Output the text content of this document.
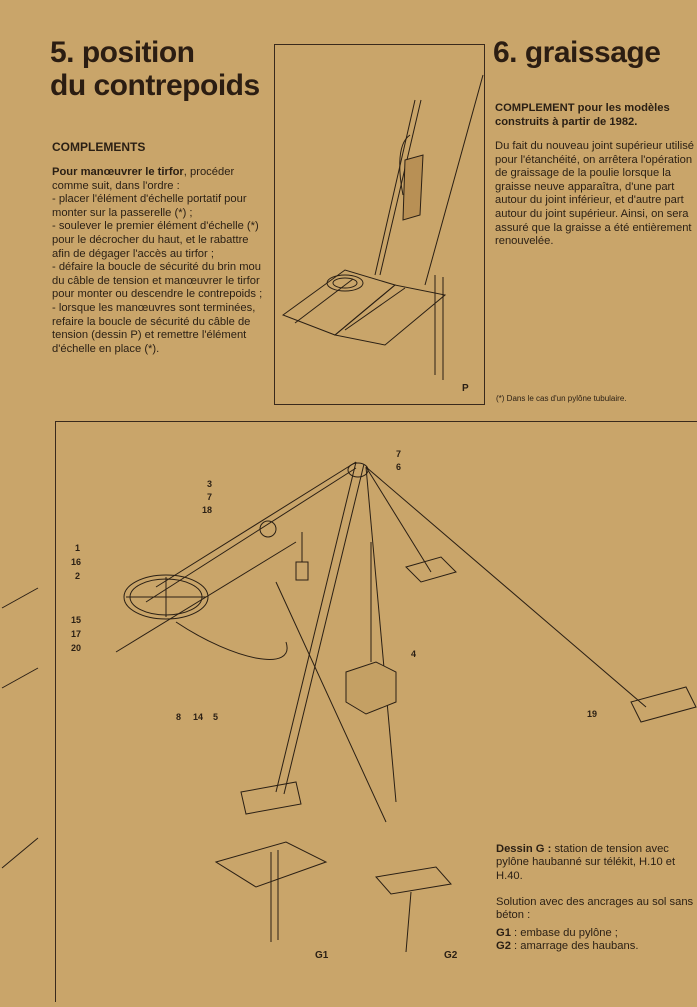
5. position
du contrepoids
COMPLEMENTS

Pour manœuvrer le tirfor, procéder comme suit, dans l'ordre :

- placer l'élément d'échelle portatif pour monter sur la passerelle (*) ;

- soulever le premier élément d'échelle (*) pour le décrocher du haut, et le rabattre afin de dégager l'accès au tirfor ;

- défaire la boucle de sécurité du brin mou du câble de tension et manœuvrer le tirfor pour monter ou descendre le contrepoids ;

- lorsque les manœuvres sont terminées, refaire la boucle de sécurité du câble de tension (dessin P) et remettre l'élément d'échelle en place (*).

P
6. graissage
COMPLEMENT pour les modèles construits à partir de 1982.
Du fait du nouveau joint supérieur utilisé pour l'étanchéité, on arrêtera l'opération de graissage de la poulie lorsque la graisse neuve apparaîtra, d'une part autour du joint inférieur, et d'autre part autour du joint supérieur. Ainsi, on sera assuré que la graisse a été entièrement renouvelée.
(*) Dans le cas d'un pylône tubulaire.
1
16
2
15
17
20
3
7
18
7
6
4
8 14 5	19

Dessin G : station de tension avec pylône haubanné sur télékit, H.10 et H.40.

Solution avec des ancrages au sol sans béton :

G1 : embase du pylône ;

G2 : amarrage des haubans.

G1	G2
